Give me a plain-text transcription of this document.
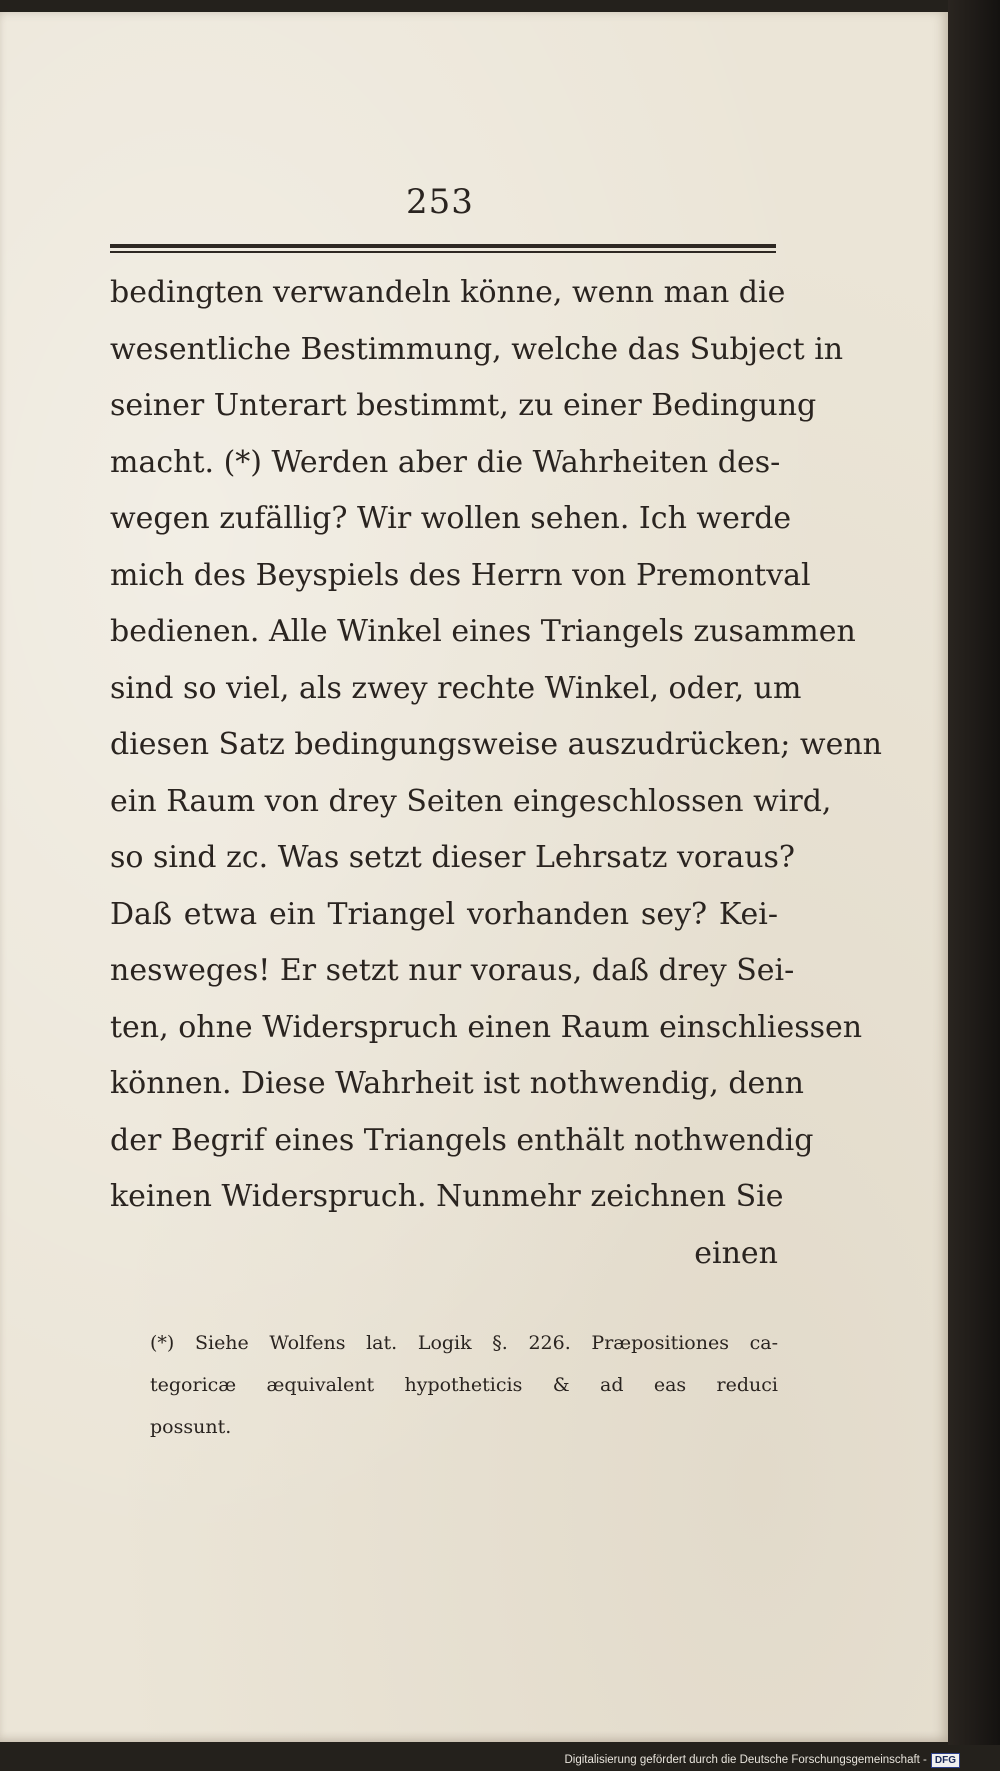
253
bedingten verwandeln könne, wenn man die
wesentliche Bestimmung, welche das Subject in
seiner Unterart bestimmt, zu einer Bedingung
macht. (*) Werden aber die Wahrheiten des-
wegen zufällig? Wir wollen sehen. Ich werde
mich des Beyspiels des Herrn von Premontval
bedienen. Alle Winkel eines Triangels zusammen
sind so viel, als zwey rechte Winkel, oder, um
diesen Satz bedingungsweise auszudrücken; wenn
ein Raum von drey Seiten eingeschlossen wird,
so sind zc. Was setzt dieser Lehrsatz voraus?
Daß etwa ein Triangel vorhanden sey? Kei-
nesweges! Er setzt nur voraus, daß drey Sei-
ten, ohne Widerspruch einen Raum einschliessen
können. Diese Wahrheit ist nothwendig, denn
der Begrif eines Triangels enthält nothwendig
keinen Widerspruch. Nunmehr zeichnen Sie
einen
(*) Siehe Wolfens lat. Logik §. 226. Præpositiones ca-
tegoricæ æquivalent hypotheticis & ad eas reduci
possunt.
Digitalisierung gefördert durch die Deutsche Forschungsgemeinschaft - DFG
